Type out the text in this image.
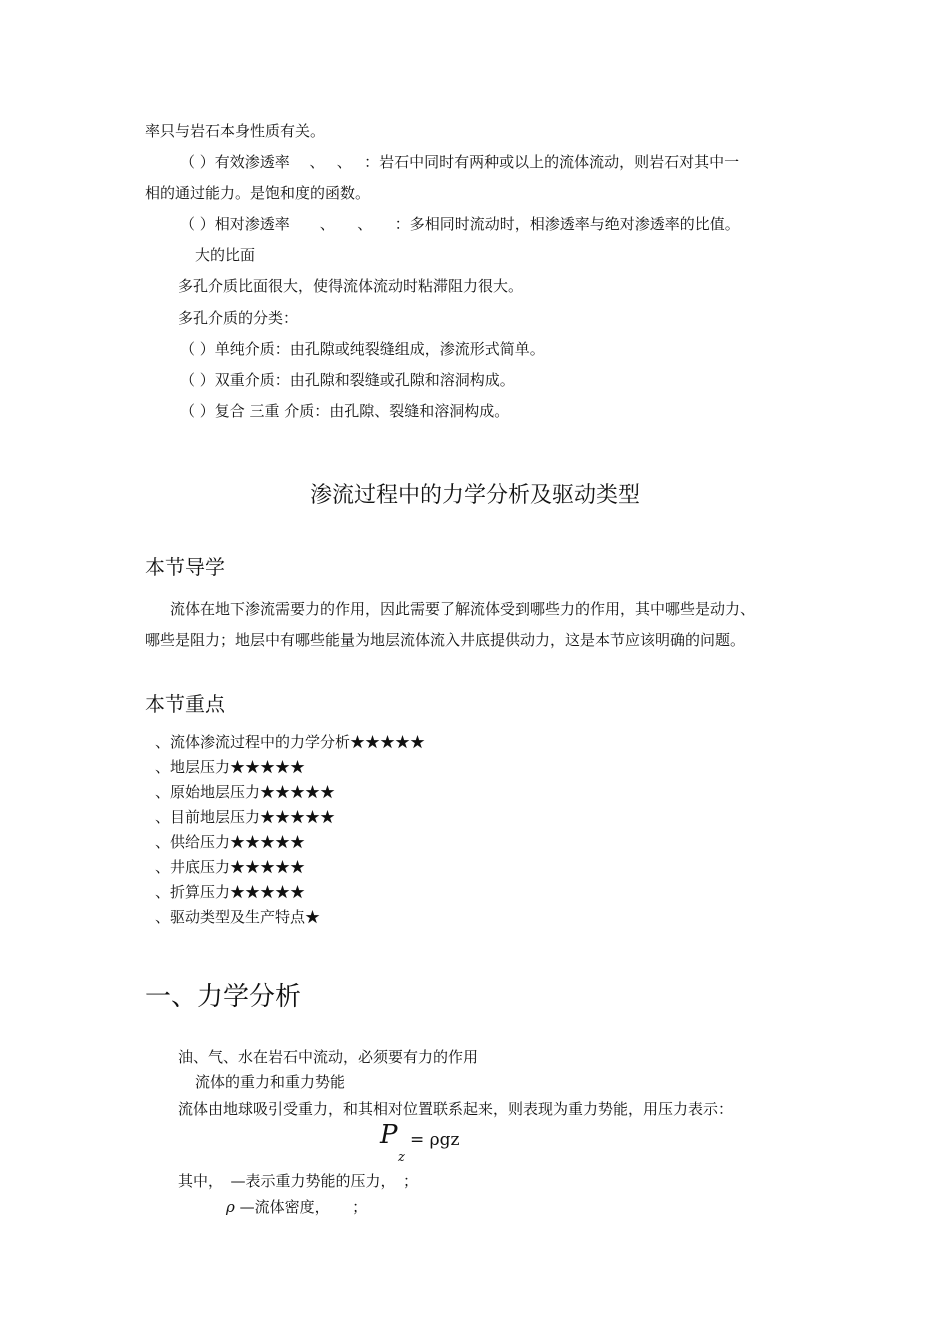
率只与岩石本身性质有关。
（ ）有效渗透率　 、　 、　 ：岩石中同时有两种或以上的流体流动，则岩石对其中一
相的通过能力。是饱和度的函数。
（ ）相对渗透率　　、　　、　　：多相同时流动时，相渗透率与绝对渗透率的比值。
大的比面
多孔介质比面很大，使得流体流动时粘滞阻力很大。
多孔介质的分类：
（ ）单纯介质：由孔隙或纯裂缝组成，渗流形式简单。
（ ）双重介质：由孔隙和裂缝或孔隙和溶洞构成。
（ ）复合 三重 介质：由孔隙、裂缝和溶洞构成。
渗流过程中的力学分析及驱动类型
本节导学
流体在地下渗流需要力的作用，因此需要了解流体受到哪些力的作用，其中哪些是动力、
哪些是阻力；地层中有哪些能量为地层流体流入井底提供动力，这是本节应该明确的问题。
本节重点
、流体渗流过程中的力学分析★★★★★
、地层压力★★★★★
、原始地层压力★★★★★
、目前地层压力★★★★★
、供给压力★★★★★
、井底压力★★★★★
、折算压力★★★★★
、驱动类型及生产特点★
一、力学分析
油、气、水在岩石中流动，必须要有力的作用
流体的重力和重力势能
流体由地球吸引受重力，和其相对位置联系起来，则表现为重力势能，用压力表示：
P
z
= ρgz
其中，　—表示重力势能的压力，　；
ρ —流体密度，　　；
